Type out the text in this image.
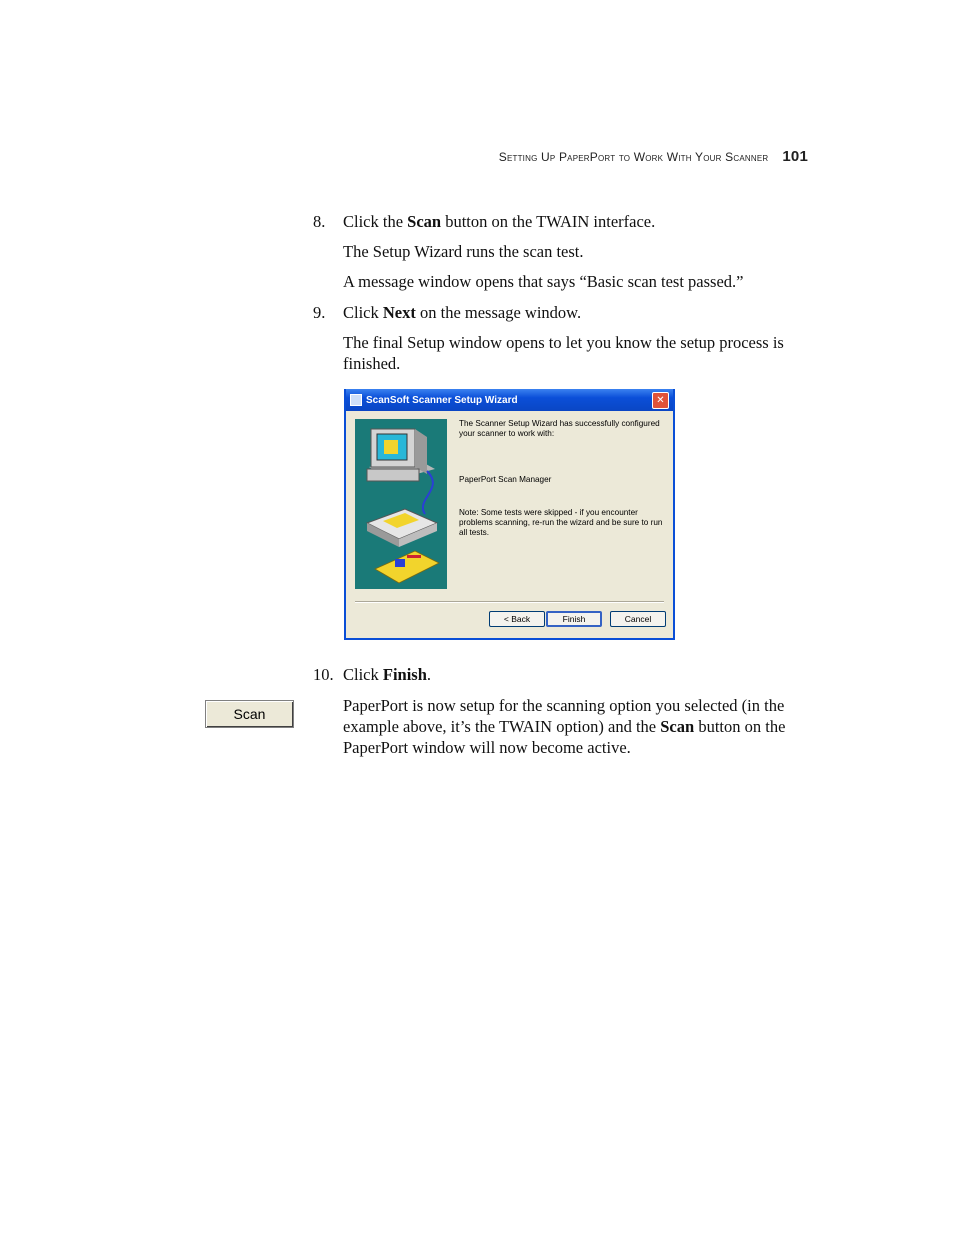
Setting Up PaperPort to Work With Your Scanner 101
8. Click the Scan button on the TWAIN interface.
The Setup Wizard runs the scan test.
A message window opens that says “Basic scan test passed.”
9. Click Next on the message window.
The final Setup window opens to let you know the setup process is finished.
ScanSoft Scanner Setup Wizard	✕
The Scanner Setup Wizard has successfully configured your scanner to work with:
PaperPort Scan Manager
Note: Some tests were skipped - if you encounter problems scanning, re-run the wizard and be sure to run all tests.
< Back	Finish	Cancel
10. Click Finish.
Scan	PaperPort is now setup for the scanning option you selected (in the example above, it’s the TWAIN option) and the Scan button on the PaperPort window will now become active.
